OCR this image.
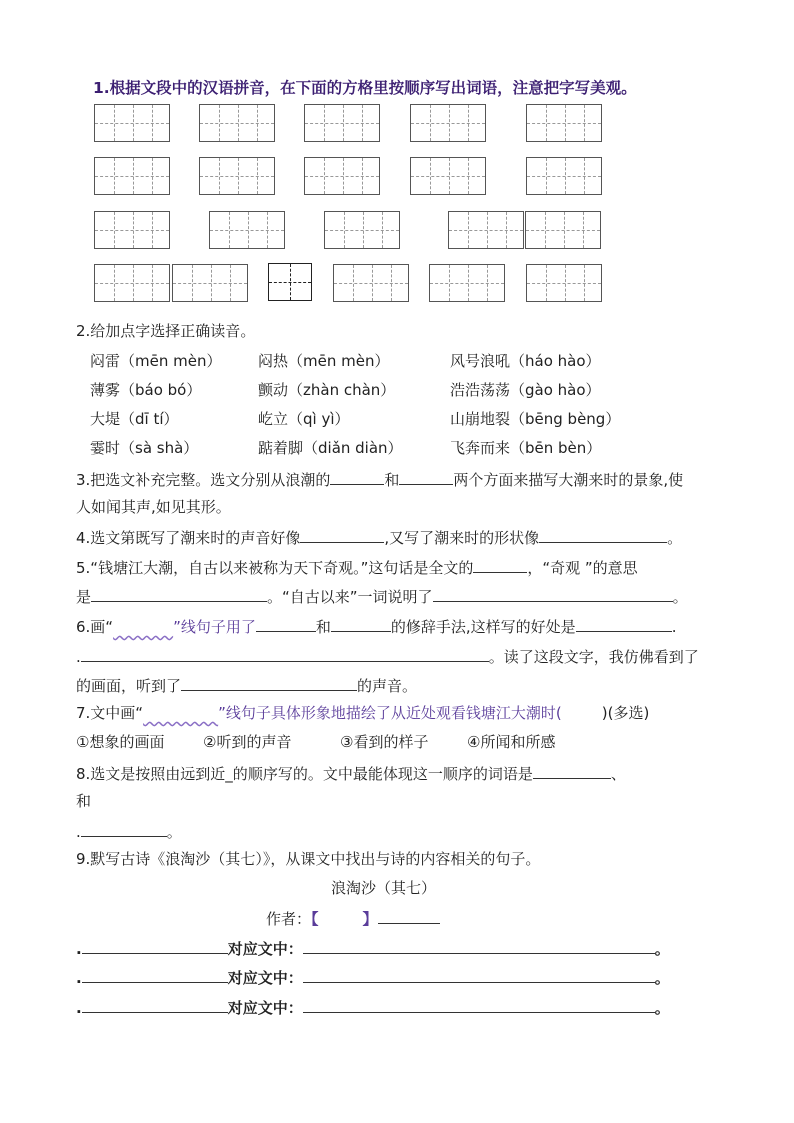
1.根据文段中的汉语拼音，在下面的方格里按顺序写出词语，注意把字写美观。
2.给加点字选择正确读音。
闷雷（mēn mèn） 闷热（mēn mèn）	风号浪吼（háo hào）
薄雾（báo bó）	颤动（zhàn chàn）	浩浩荡荡（gào hào）
大堤（dī tí）	屹立（qì yì）	山崩地裂（bēng bèng）
霎时（sà shà）	踮着脚（diǎn diàn）	飞奔而来（bēn bèn）
3.把选文补充完整。选文分别从浪潮的	和	两个方面来描写大潮来时的景象,使
人如闻其声,如见其形。
4.选文第既写了潮来时的声音好像	,又写了潮来时的形状像	。
5.“钱塘江大潮，自古以来被称为天下奇观。”这句话是全文的	，“奇观 ”的意思
是	。“自古以来”一词说明了	。
6.画“	”线句子用了	和	的修辞手法,这样写的好处是	.
.	。读了这段文字，我仿佛看到了
的画面，听到了	的声音。
7.文中画“	”线句子具体形象地描绘了从近处观看钱塘江大潮时(	)(多选)
①想象的画面	②听到的声音	③看到的样子	④所闻和所感
8.选文是按照由远到近_的顺序写的。文中最能体现这一顺序的词语是	、
和
.	。
9.默写古诗《浪淘沙（其七）》，从课文中找出与诗的内容相关的句子。
浪淘沙（其七）
作者：【	】
.	对应文中：	。
.	对应文中：	。
.	对应文中：	。
